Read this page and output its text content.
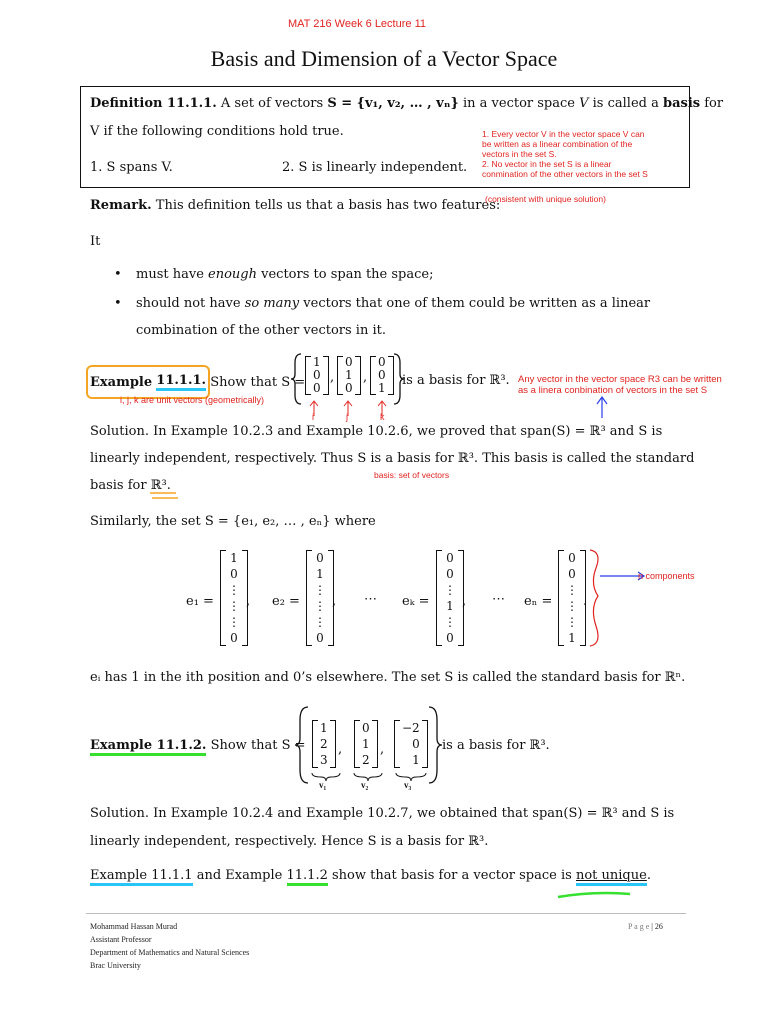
MAT 216 Week 6 Lecture 11
Basis and Dimension of a Vector Space
Definition 11.1.1. A set of vectors S = {v₁, v₂, … , vₙ} in a vector space V is called a basis for
V if the following conditions hold true.
1. S spans V.	2. S is linearly independent.
1. Every vector V in the vector space V can
be written as a linear combination of the
vectors in the set S.
2. No vector in the set S is a linear
conmination of the other vectors in the set S
Remark. This definition tells us that a basis has two features:
(consistent with unique solution)
It
• must have enough vectors to span the space;
• should not have so many vectors that one of them could be written as a linear
combination of the other vectors in it.
Example
11.1.1.
Show that S =
1
0
0
,
0
1
0
,
0
0
1 is a basis for ℝ³.
i, j, k are unit vectors (geometrically)
i	j	k
Any vector in the vector space R3 can be written
as a linera conbination of vectors in the set S
Solution. In Example 10.2.3 and Example 10.2.6, we proved that span(S) = ℝ³ and S is
linearly independent, respectively. Thus S is a basis for ℝ³. This basis is called the standard
basis for ℝ³.
basis: set of vectors
Similarly, the set S = {e₁, e₂, … , eₙ} where
e₁ =
1
0
⋮
⋮
⋮
0
, e₂ =
0
1
⋮
⋮
⋮
0
, ⋯ eₖ =
0
0
⋮
1
⋮
0
, ⋯ eₙ =
0
0
⋮
⋮
⋮
1
.
n components
eᵢ has 1 in the ith position and 0’s elsewhere. The set S is called the standard basis for ℝⁿ.
Example 11.1.2. Show that S =
1
2
3
,
0
1
2
,
−2
0
1
is a basis for ℝ³.
v₁	v₂	v₃
Solution. In Example 10.2.4 and Example 10.2.7, we obtained that span(S) = ℝ³ and S is
linearly independent, respectively. Hence S is a basis for ℝ³.
Example 11.1.1 and Example 11.1.2 show that basis for a vector space is not unique.
Mohammad Hassan Murad
Assistant Professor
Department of Mathematics and Natural Sciences
Brac University
P a g e | 26
